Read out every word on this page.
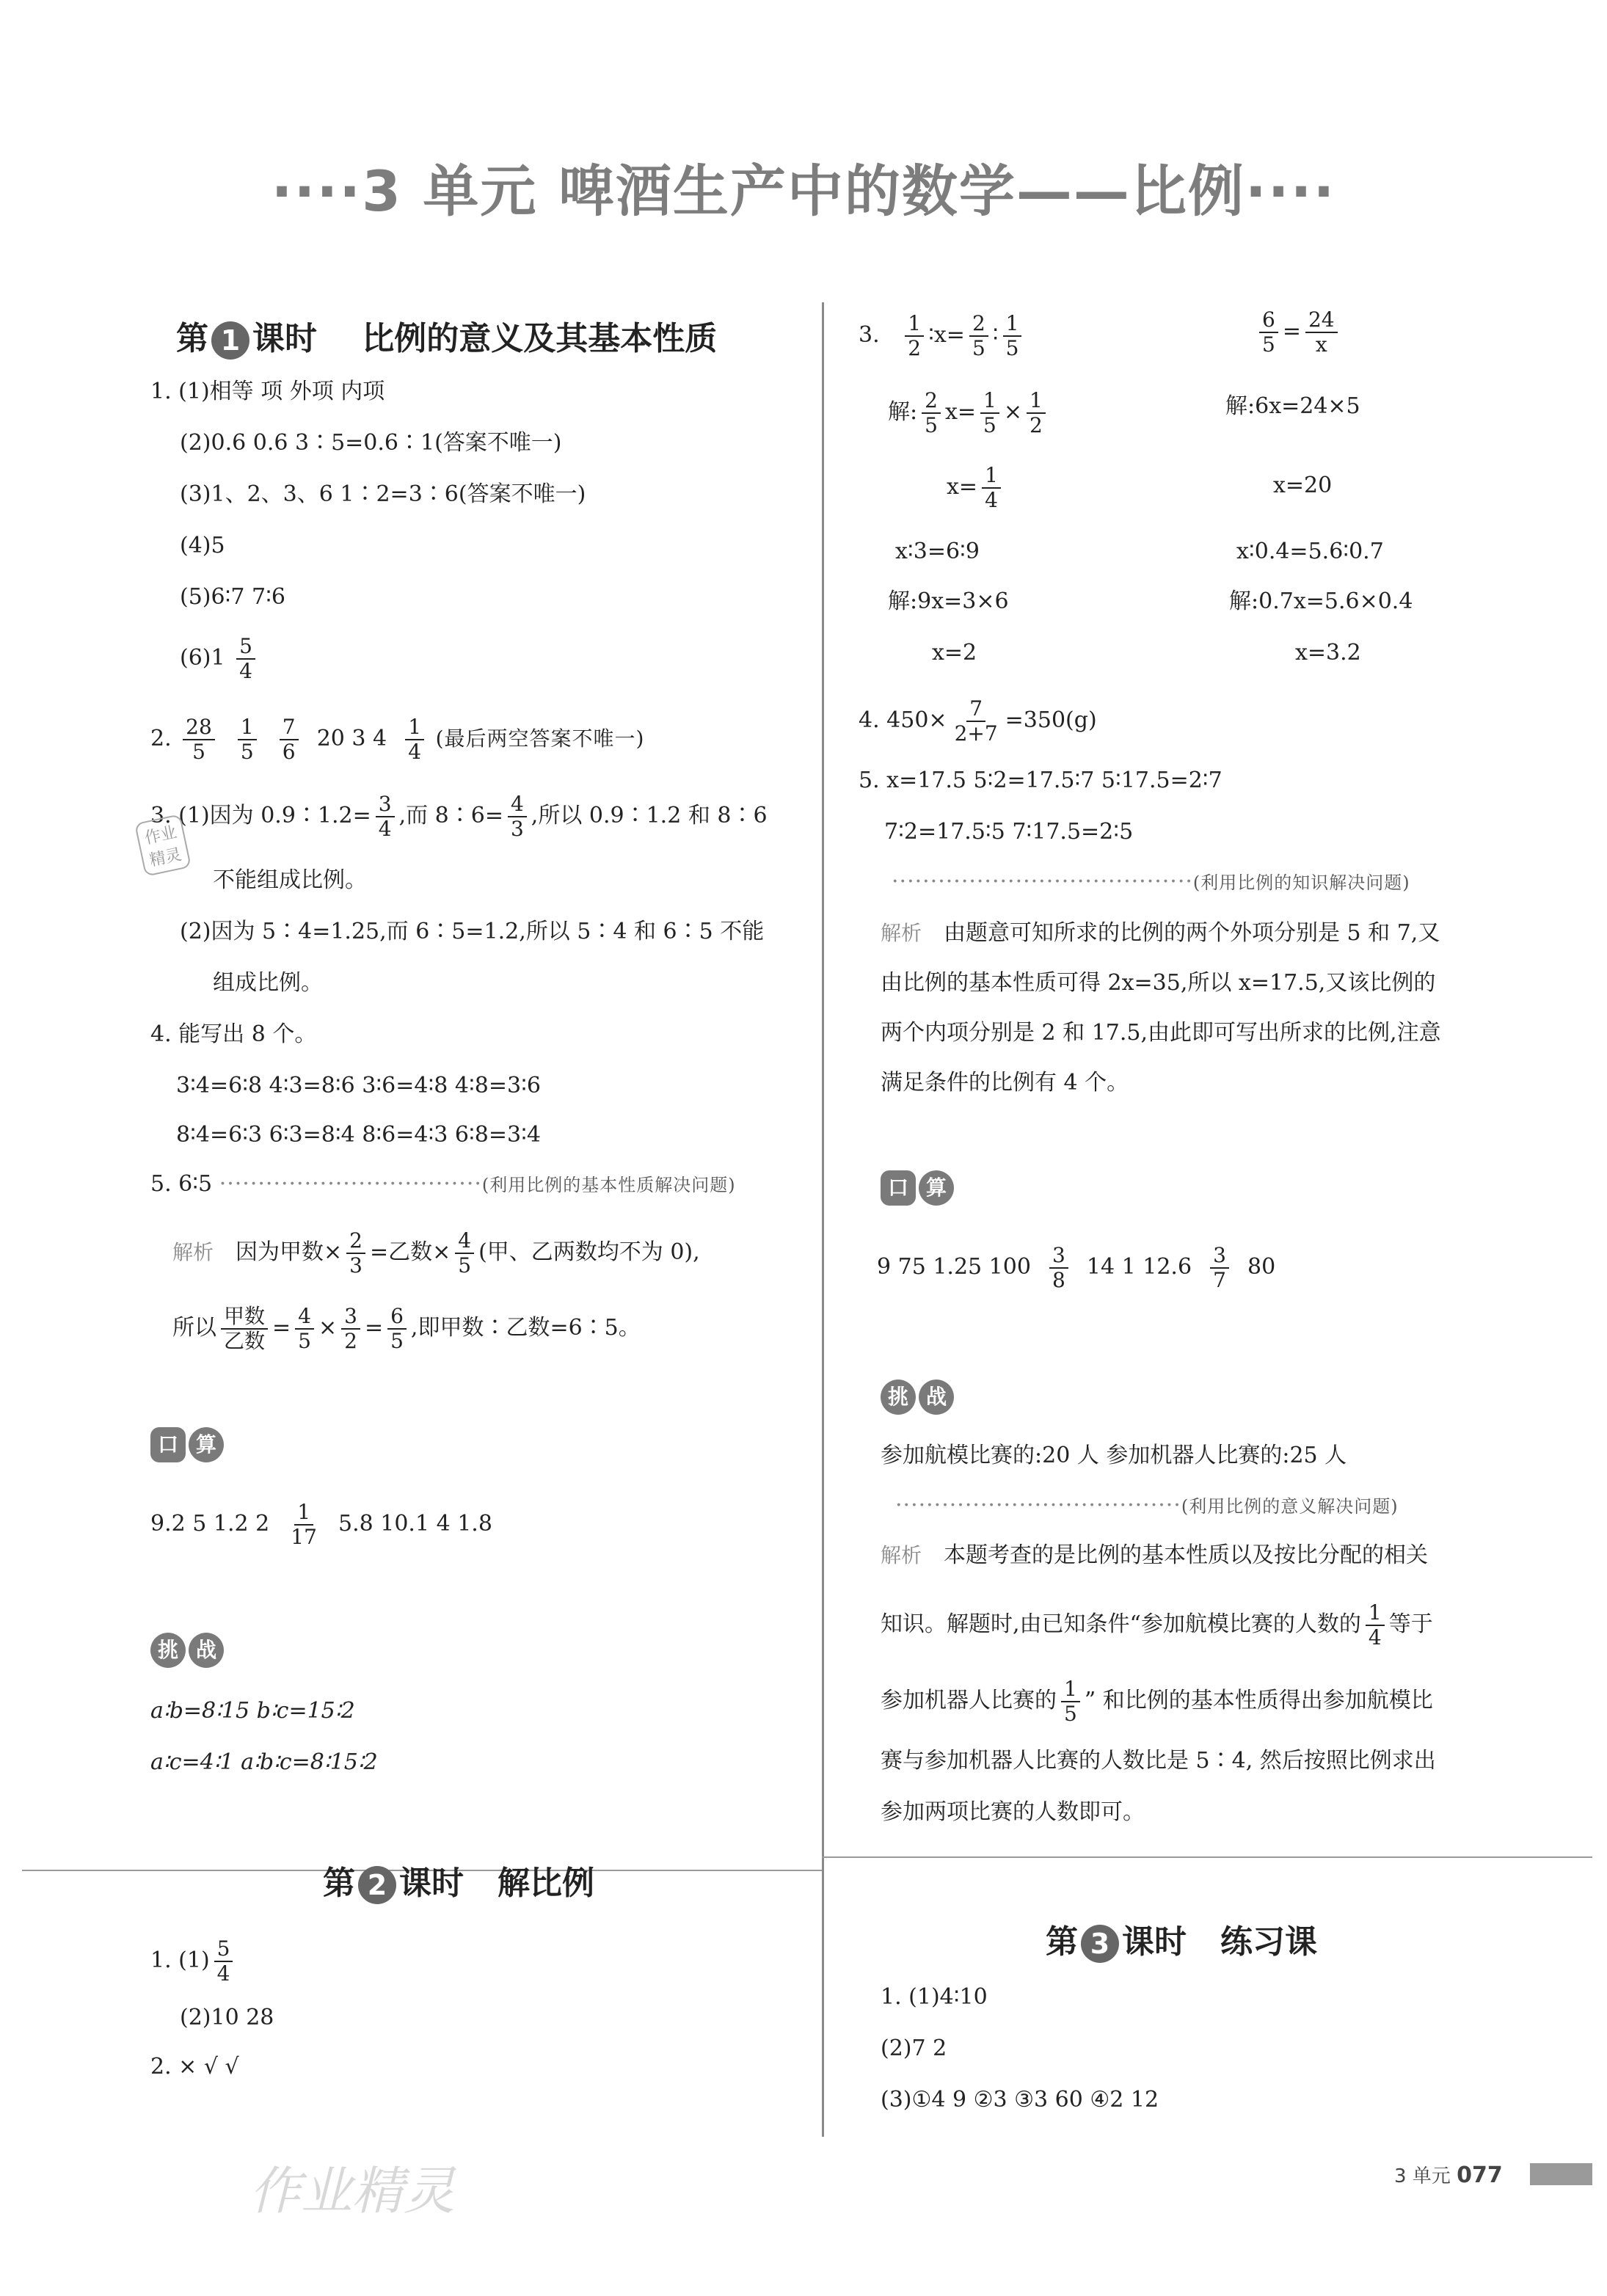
····3 单元 啤酒生产中的数学——比例····
第 1 课时 比例的意义及其基本性质
1. (1)相等 项 外项 内项
(2)0.6 0.6 3∶5=0.6∶1(答案不唯一)
(3)1、2、3、6 1∶2=3∶6(答案不唯一)
(4)5
(5)6∶7 7∶6
$(6)1 \frac{5}{4}$
2. $\frac{28}{5}$
$\frac{1}{5}$
$\frac{7}{6} 20$ 3 $4 \frac{1}{4}$ (最后两空答案不唯一)
3. (1)因为 0.9∶1.2= $\frac{3}{4}$ ,而 8∶6= $\frac{4}{3}$ ,所以 0.9∶1.2 和 8∶6
作业
精灵
不能组成比例。
(2)因为 5∶4=1.25,而 6∶5=1.2,所以 5∶4 和 6∶5 不能
组成比例。
4. 能写出 8 个。
3∶4=6∶8 4∶3=8∶6 3∶6=4∶8 4∶8=3∶6
8∶4=6∶3 6∶3=8∶4 8∶6=4∶3 6∶8=3∶4
5. 6∶5 ··································(利用比例的基本性质解决问题)
解析 因为甲数× $\frac{2}{3}$ =乙数× $\frac{4}{5}$ (甲、乙两数均不为 0),
所以 $\frac{\text{甲数}}{\text{乙数}} = \frac{4}{5} \times \frac{3}{2} = \frac{6}{5}$ ,即甲数∶乙数=6∶5。
口 算
9.2 5 1.2 $2 \frac{1}{17} 5.8$ 10.1 4 1.8
挑 战
a∶b=8∶15 b∶c=15∶2
a∶c=4∶1 a∶b∶c=8∶15∶2
第 2 课时 解比例
1. $(1) \frac{5}{4}$
(2)10 28
2. × √ √
作业精灵
3. $\frac{1}{2}$ ∶x= $\frac{2}{5}$ ∶ $\frac{1}{5}$	$\frac{6}{5} = \frac{24}{x}$
解: $\frac{2}{5} x= \frac{1}{5} \times \frac{1}{2}$	解:6x=24×5
$x= \frac{1}{4}$	x=20
x∶3=6∶9	x∶0.4=5.6∶0.7
解:9x=3×6	解:0.7x=5.6×0.4
x=2	x=3.2
4. $450\times \frac{7}{2+7} =350(g)$
5. x=17.5 5∶2=17.5∶7 5∶17.5=2∶7
7∶2=17.5∶5 7∶17.5=2∶5
·······································(利用比例的知识解决问题)
解析 由题意可知所求的比例的两个外项分别是 5 和 7,又
由比例的基本性质可得 2x=35,所以 x=17.5,又该比例的
两个内项分别是 2 和 17.5,由此即可写出所求的比例,注意
满足条件的比例有 4 个。
口 算
9 75 1.25 $100 \frac{3}{8} 14$ 1 $12.6 \frac{3}{7} 80$
挑 战
参加航模比赛的:20 人 参加机器人比赛的:25 人
·····································(利用比例的意义解决问题)
解析 本题考查的是比例的基本性质以及按比分配的相关
知识。解题时,由已知条件“参加航模比赛的人数的 $\frac{1}{4}$ 等于
参加机器人比赛的 $\frac{1}{5}$ ” 和比例的基本性质得出参加航模比
赛与参加机器人比赛的人数比是 5∶4, 然后按照比例求出
参加两项比赛的人数即可。
第 3 课时 练习课
1. (1)4∶10
(2)7 2
(3)①4 9 ②3 ③3 60 ④2 12
3 单元 077
